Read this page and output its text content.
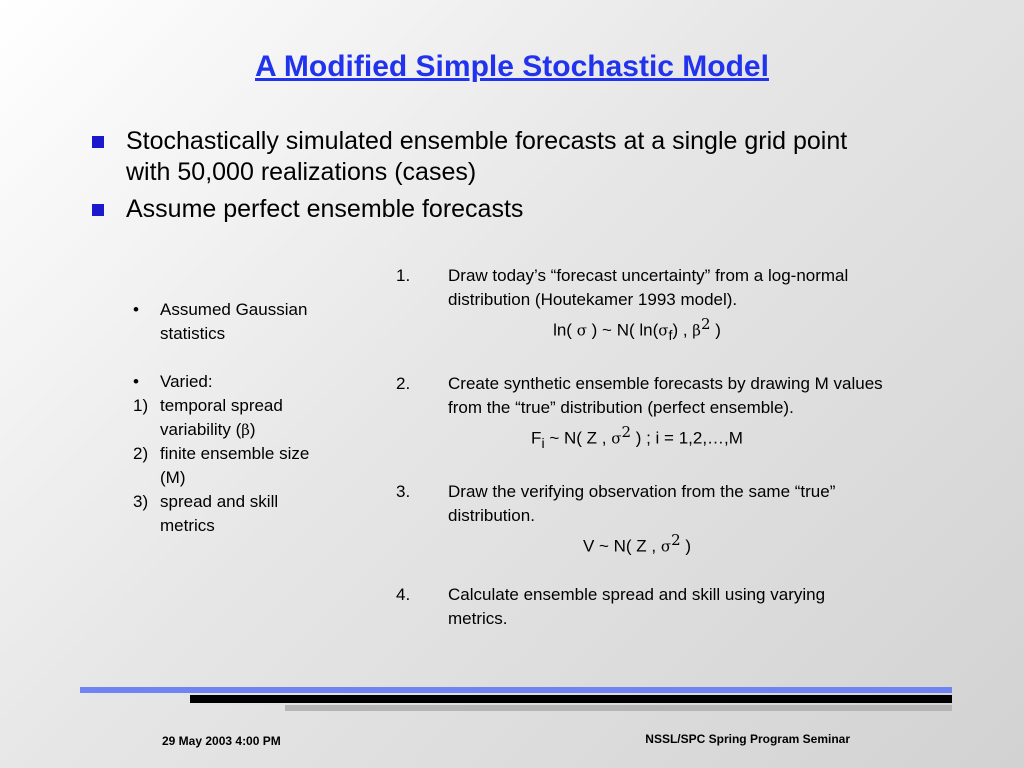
A Modified Simple Stochastic Model
Stochastically simulated ensemble forecasts at a single grid point with 50,000 realizations (cases)
Assume perfect ensemble forecasts
•	Assumed Gaussian statistics
•	Varied:
1) temporal spread variability (β)
2) finite ensemble size (M)
3) spread and skill metrics
1.	Draw today’s “forecast uncertainty” from a log-normal distribution (Houtekamer 1993 model).
ln( σ ) ~ N( $\ln(\sigma_f)$ , $\beta^2$ )
2.	Create synthetic ensemble forecasts by drawing M values from the “true” distribution (perfect ensemble).
$F_i$ ~ N( Z , $\sigma^2$ ) ; i = 1,2,…,M
3.	Draw the verifying observation from the same “true” distribution.
V ~ N( Z , $\sigma^2$ )
4.	Calculate ensemble spread and skill using varying metrics.
29 May 2003 4:00 PM	NSSL/SPC Spring Program Seminar
